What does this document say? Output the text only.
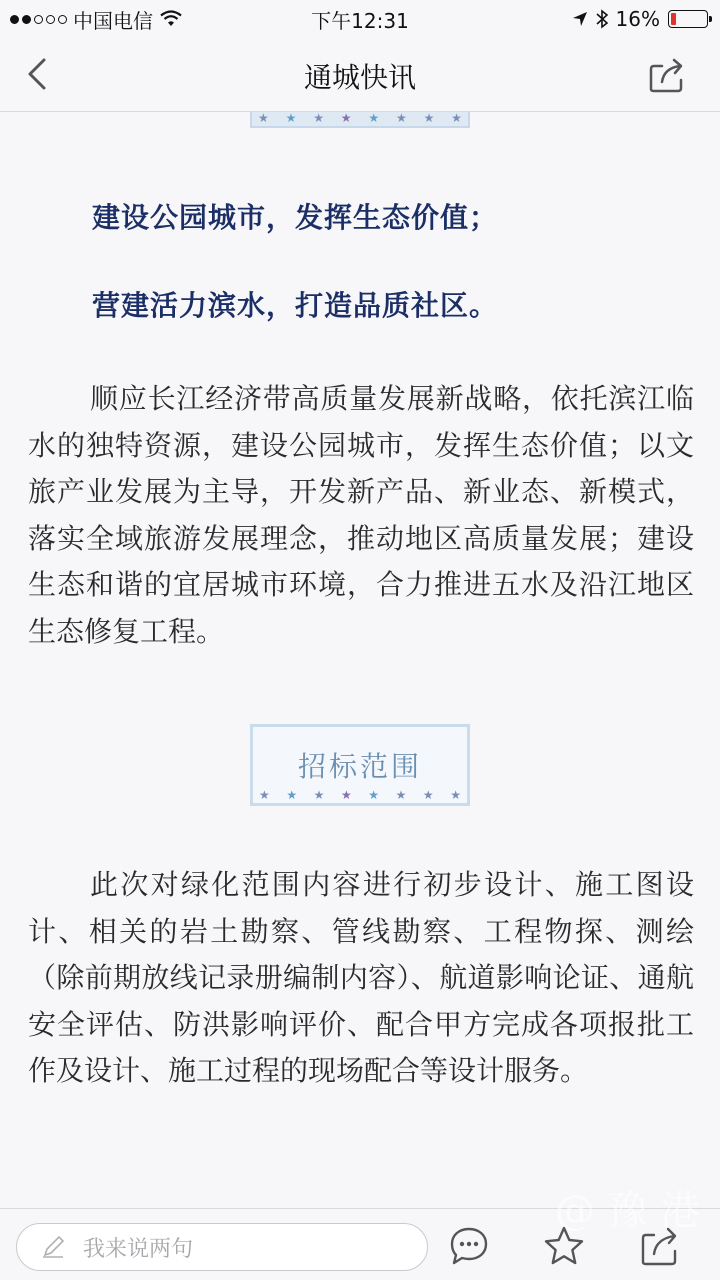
中国电信	下午12:31	16%
通城快讯
★ ★ ★ ★ ★ ★ ★ ★
建设公园城市，发挥生态价值；
营建活力滨水，打造品质社区。
顺应长江经济带高质量发展新战略，依托滨江临水的独特资源，建设公园城市，发挥生态价值；以文旅产业发展为主导，开发新产品、新业态、新模式，落实全域旅游发展理念，推动地区高质量发展；建设生态和谐的宜居城市环境，合力推进五水及沿江地区生态修复工程。
招标范围
★ ★ ★ ★ ★ ★ ★ ★
此次对绿化范围内容进行初步设计、施工图设计、相关的岩土勘察、管线勘察、工程物探、测绘（除前期放线记录册编制内容）、航道影响论证、通航安全评估、防洪影响评价、配合甲方完成各项报批工作及设计、施工过程的现场配合等设计服务。
@ 豫 港
我来说两句
